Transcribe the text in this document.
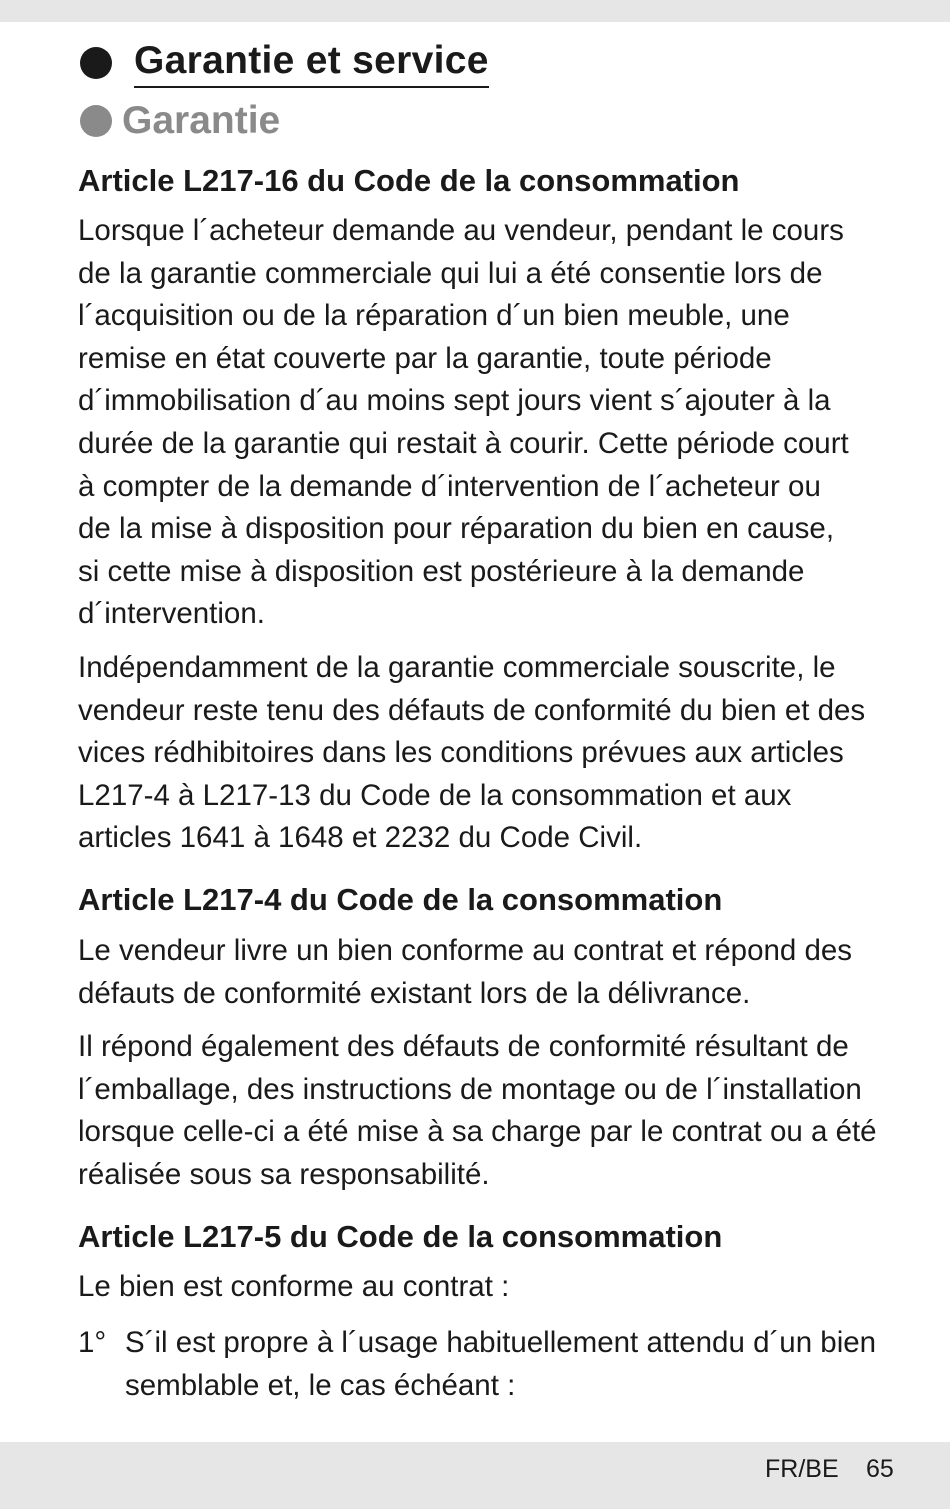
Garantie et service
Garantie
Article L217-16 du Code de la consommation
Lorsque l´acheteur demande au vendeur, pendant le cours
de la garantie commerciale qui lui a été consentie lors de
l´acquisition ou de la réparation d´un bien meuble, une
remise en état couverte par la garantie, toute période
d´immobilisation d´au moins sept jours vient s´ajouter à la
durée de la garantie qui restait à courir. Cette période court
à compter de la demande d´intervention de l´acheteur ou
de la mise à disposition pour réparation du bien en cause,
si cette mise à disposition est postérieure à la demande
d´intervention.
Indépendamment de la garantie commerciale souscrite, le
vendeur reste tenu des défauts de conformité du bien et des
vices rédhibitoires dans les conditions prévues aux articles
L217-4 à L217-13 du Code de la consommation et aux
articles 1641 à 1648 et 2232 du Code Civil.
Article L217-4 du Code de la consommation
Le vendeur livre un bien conforme au contrat et répond des
défauts de conformité existant lors de la délivrance.
Il répond également des défauts de conformité résultant de
l´emballage, des instructions de montage ou de l´installation
lorsque celle-ci a été mise à sa charge par le contrat ou a été
réalisée sous sa responsabilité.
Article L217-5 du Code de la consommation
Le bien est conforme au contrat :
1° S´il est propre à l´usage habituellement attendu d´un bien
semblable et, le cas échéant :
FR/BE 65
